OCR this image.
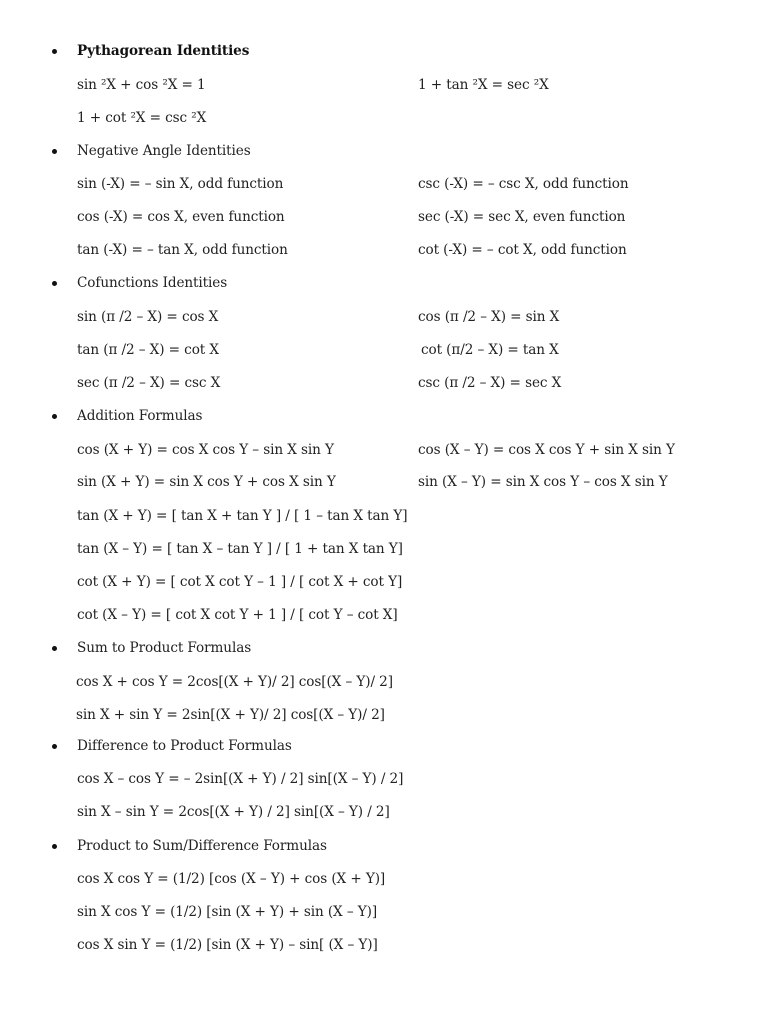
Pythagorean Identities
sin ²X + cos ²X = 1	1 + tan ²X = sec ²X
1 + cot ²X = csc ²X
Negative Angle Identities
sin (-X) = – sin X, odd function	csc (-X) = – csc X, odd function
cos (-X) = cos X, even function	sec (-X) = sec X, even function
tan (-X) = – tan X, odd function	cot (-X) = – cot X, odd function
Cofunctions Identities
sin (π /2 – X) = cos X	cos (π /2 – X) = sin X
tan (π /2 – X) = cot X	cot (π/2 – X) = tan X
sec (π /2 – X) = csc X	csc (π /2 – X) = sec X
Addition Formulas
cos (X + Y) = cos X cos Y – sin X sin Y	cos (X – Y) = cos X cos Y + sin X sin Y
sin (X + Y) = sin X cos Y + cos X sin Y	sin (X – Y) = sin X cos Y – cos X sin Y
tan (X + Y) = [ tan X + tan Y ] / [ 1 – tan X tan Y]
tan (X – Y) = [ tan X – tan Y ] / [ 1 + tan X tan Y]
cot (X + Y) = [ cot X cot Y – 1 ] / [ cot X + cot Y]
cot (X – Y) = [ cot X cot Y + 1 ] / [ cot Y – cot X]
Sum to Product Formulas
cos X + cos Y = 2cos[(X + Y)/ 2] cos[(X – Y)/ 2]
sin X + sin Y = 2sin[(X + Y)/ 2] cos[(X – Y)/ 2]
Difference to Product Formulas
cos X – cos Y = – 2sin[(X + Y) / 2] sin[(X – Y) / 2]
sin X – sin Y = 2cos[(X + Y) / 2] sin[(X – Y) / 2]
Product to Sum/Difference Formulas
cos X cos Y = (1/2) [cos (X – Y) + cos (X + Y)]
sin X cos Y = (1/2) [sin (X + Y) + sin (X – Y)]
cos X sin Y = (1/2) [sin (X + Y) – sin[ (X – Y)]
